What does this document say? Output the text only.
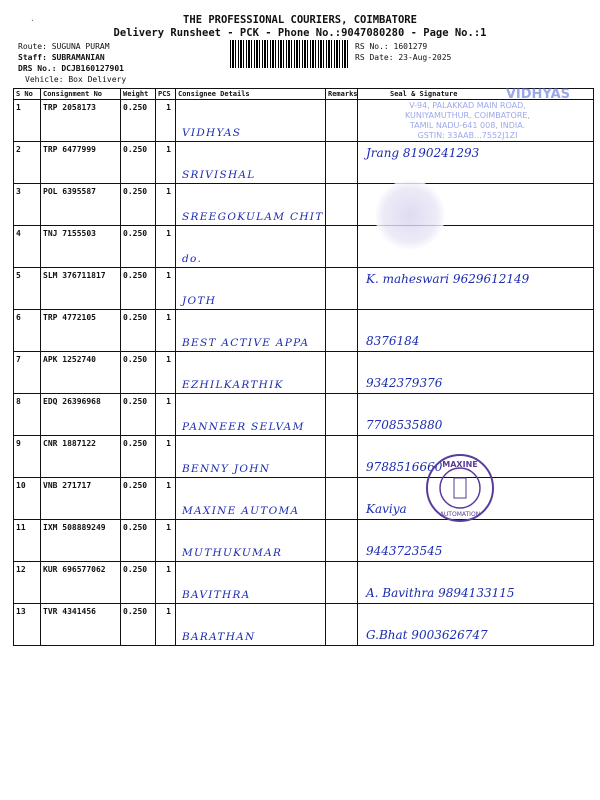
THE PROFESSIONAL COURIERS, COIMBATORE
Delivery Runsheet - PCK - Phone No.:9047080280 - Page No.:1
·
Route: SUGUNA PURAM
Staff: SUBRAMANIAN
DRS No.: DCJB160127901
Vehicle: Box Delivery
RS No.: 1601279
RS Date: 23-Aug-2025
S No	Consignment No	Weight	PCS	Consignee Details	Remarks	Seal & Signature
1	TRP 2058173	0.250	1	VIDHYAS		

2	TRP 6477999	0.250	1	SRIVISHAL		Jrang 8190241293

3	POL 6395587	0.250	1	SREEGOKULAM CHIT		

4	TNJ 7155503	0.250	1	do.		

5	SLM 376711817	0.250	1	JOTH		K. maheswari 9629612149

6	TRP 4772105	0.250	1	BEST ACTIVE APPA		8376184

7	APK 1252740	0.250	1	EZHILKARTHIK		9342379376

8	EDQ 26396968	0.250	1	PANNEER SELVAM		7708535880

9	CNR 1887122	0.250	1	BENNY JOHN		9788516660

10	VNB 271717	0.250	1	MAXINE AUTOMA		Kaviya

11	IXM 508889249	0.250	1	MUTHUKUMAR		9443723545

12	KUR 696577062	0.250	1	BAVITHRA		A. Bavithra 9894133115

13	TVR 4341456	0.250	1	BARATHAN		G.Bhat 9003626747
VIDHYAS
V-94, PALAKKAD MAIN ROAD,
KUNIYAMUTHUR, COIMBATORE,
TAMIL NADU-641 008, INDIA.
GSTIN: 33AAB...7552J1ZI
MAXINE
AUTOMATION
